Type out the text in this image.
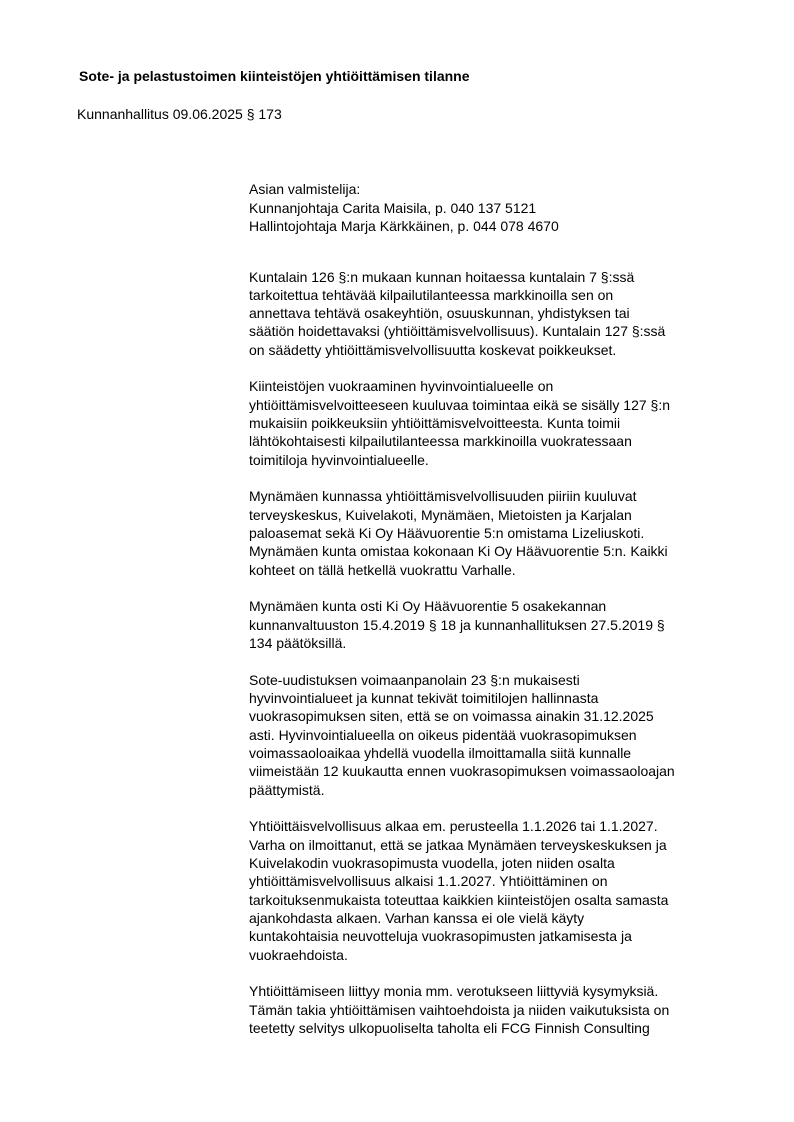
Sote- ja pelastustoimen kiinteistöjen yhtiöittämisen tilanne
Kunnanhallitus 09.06.2025 § 173
Asian valmistelija:
Kunnanjohtaja Carita Maisila, p. 040 137 5121
Hallintojohtaja Marja Kärkkäinen, p. 044 078 4670
Kuntalain 126 §:n mukaan kunnan hoitaessa kuntalain 7 §:ssä
tarkoitettua tehtävää kilpailutilanteessa markkinoilla sen on
annettava tehtävä osakeyhtiön, osuuskunnan, yhdistyksen tai
säätiön hoidettavaksi (yhtiöittämisvelvollisuus). Kuntalain 127 §:ssä
on säädetty yhtiöittämisvelvollisuutta koskevat poikkeukset.
Kiinteistöjen vuokraaminen hyvinvointialueelle on
yhtiöittämisvelvoitteeseen kuuluvaa toimintaa eikä se sisälly 127 §:n
mukaisiin poikkeuksiin yhtiöittämisvelvoitteesta. Kunta toimii
lähtökohtaisesti kilpailutilanteessa markkinoilla vuokratessaan
toimitiloja hyvinvointialueelle.
Mynämäen kunnassa yhtiöittämisvelvollisuuden piiriin kuuluvat
terveyskeskus, Kuivelakoti, Mynämäen, Mietoisten ja Karjalan
paloasemat sekä Ki Oy Häävuorentie 5:n omistama Lizeliuskoti.
Mynämäen kunta omistaa kokonaan Ki Oy Häävuorentie 5:n. Kaikki
kohteet on tällä hetkellä vuokrattu Varhalle.
Mynämäen kunta osti Ki Oy Häävuorentie 5 osakekannan
kunnanvaltuuston 15.4.2019 § 18 ja kunnanhallituksen 27.5.2019 §
134 päätöksillä.
Sote-uudistuksen voimaanpanolain 23 §:n mukaisesti
hyvinvointialueet ja kunnat tekivät toimitilojen hallinnasta
vuokrasopimuksen siten, että se on voimassa ainakin 31.12.2025
asti. Hyvinvointialueella on oikeus pidentää vuokrasopimuksen
voimassaoloaikaa yhdellä vuodella ilmoittamalla siitä kunnalle
viimeistään 12 kuukautta ennen vuokrasopimuksen voimassaoloajan
päättymistä.
Yhtiöittäisvelvollisuus alkaa em. perusteella 1.1.2026 tai 1.1.2027.
Varha on ilmoittanut, että se jatkaa Mynämäen terveyskeskuksen ja
Kuivelakodin vuokrasopimusta vuodella, joten niiden osalta
yhtiöittämisvelvollisuus alkaisi 1.1.2027. Yhtiöittäminen on
tarkoituksenmukaista toteuttaa kaikkien kiinteistöjen osalta samasta
ajankohdasta alkaen. Varhan kanssa ei ole vielä käyty
kuntakohtaisia neuvotteluja vuokrasopimusten jatkamisesta ja
vuokraehdoista.
Yhtiöittämiseen liittyy monia mm. verotukseen liittyviä kysymyksiä.
Tämän takia yhtiöittämisen vaihtoehdoista ja niiden vaikutuksista on
teetetty selvitys ulkopuoliselta taholta eli FCG Finnish Consulting
